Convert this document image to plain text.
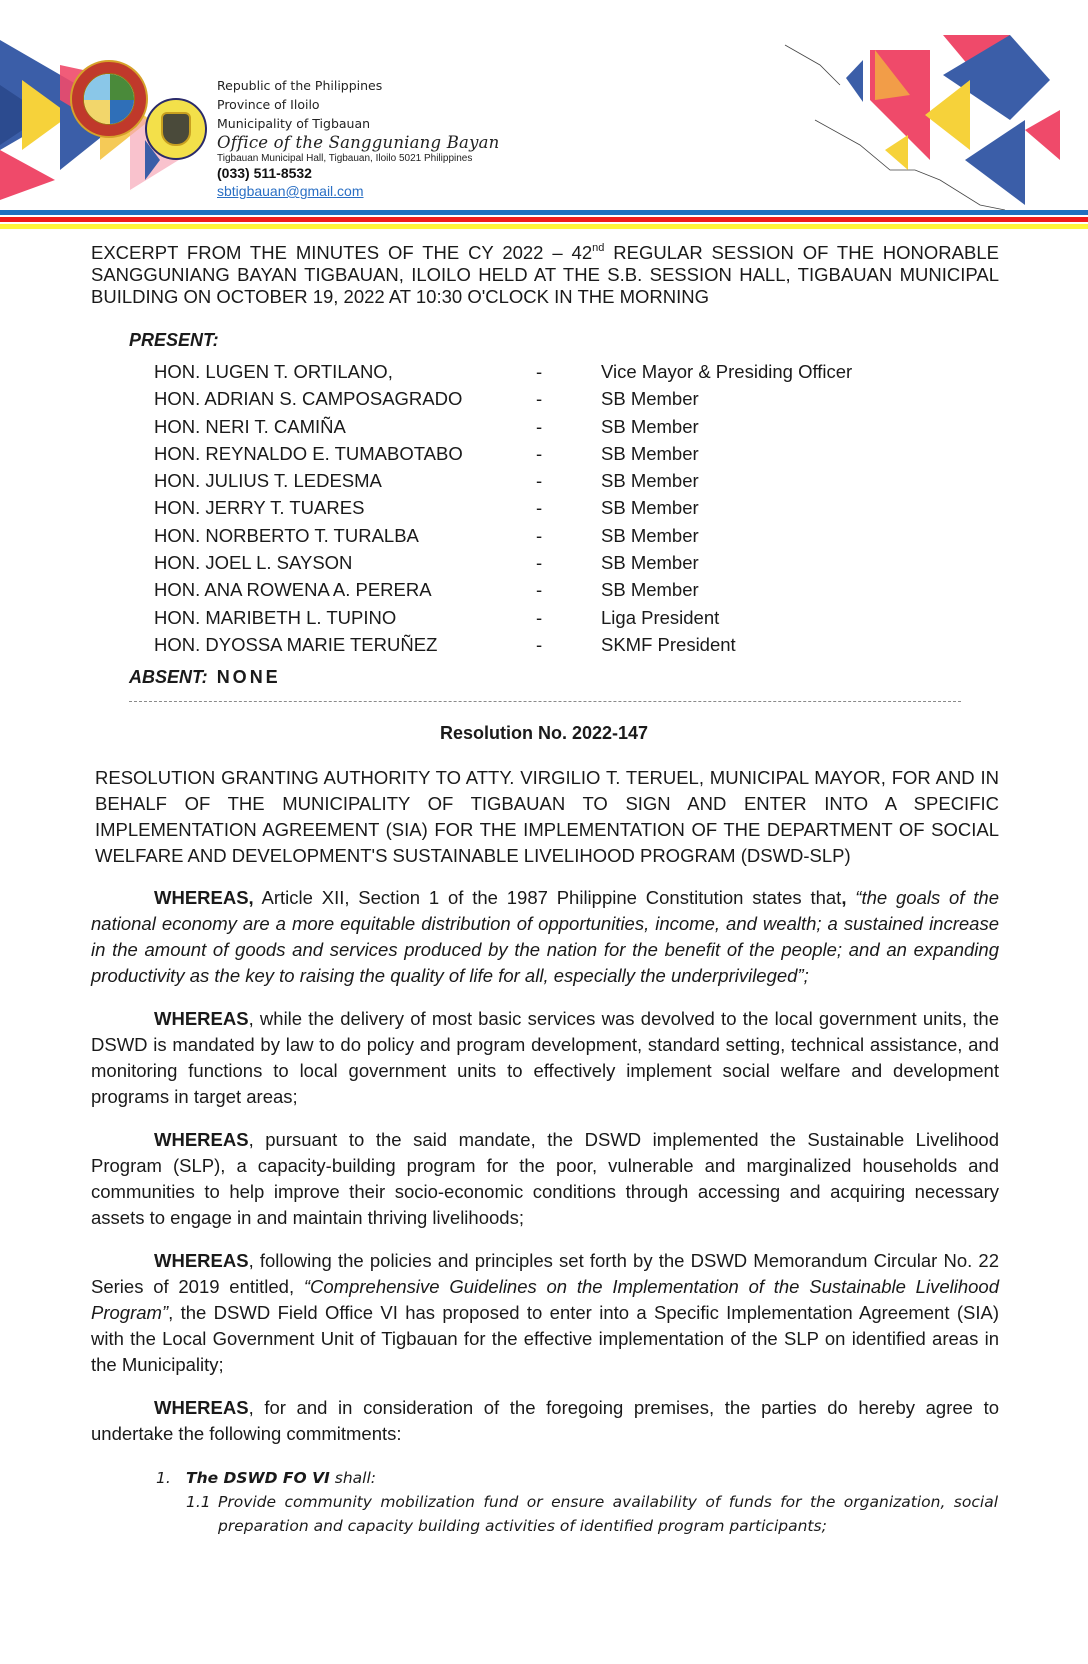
Republic of the Philippines
Province of Iloilo
Municipality of Tigbauan
Office of the Sangguniang Bayan
Tigbauan Municipal Hall, Tigbauan, Iloilo 5021 Philippines
(033) 511-8532
sbtigbauan@gmail.com
EXCERPT FROM THE MINUTES OF THE CY 2022 – 42nd REGULAR SESSION OF THE HONORABLE SANGGUNIANG BAYAN TIGBAUAN, ILOILO HELD AT THE S.B. SESSION HALL, TIGBAUAN MUNICIPAL BUILDING ON OCTOBER 19, 2022 AT 10:30 O'CLOCK IN THE MORNING
PRESENT:
HON. LUGEN T. ORTILANO,	-	Vice Mayor & Presiding Officer
HON. ADRIAN S. CAMPOSAGRADO	-	SB Member
HON. NERI T. CAMIÑA	-	SB Member
HON. REYNALDO E. TUMABOTABO	-	SB Member
HON. JULIUS T. LEDESMA	-	SB Member
HON. JERRY T. TUARES	-	SB Member
HON. NORBERTO T. TURALBA	-	SB Member
HON. JOEL L. SAYSON	-	SB Member
HON. ANA ROWENA A. PERERA	-	SB Member
HON. MARIBETH L. TUPINO	-	Liga President
HON. DYOSSA MARIE TERUÑEZ	-	SKMF President
ABSENT: NONE
Resolution No. 2022-147
RESOLUTION GRANTING AUTHORITY TO ATTY. VIRGILIO T. TERUEL, MUNICIPAL MAYOR, FOR AND IN BEHALF OF THE MUNICIPALITY OF TIGBAUAN TO SIGN AND ENTER INTO A SPECIFIC IMPLEMENTATION AGREEMENT (SIA) FOR THE IMPLEMENTATION OF THE DEPARTMENT OF SOCIAL WELFARE AND DEVELOPMENT'S SUSTAINABLE LIVELIHOOD PROGRAM (DSWD-SLP)
WHEREAS, Article XII, Section 1 of the 1987 Philippine Constitution states that, “the goals of the national economy are a more equitable distribution of opportunities, income, and wealth; a sustained increase in the amount of goods and services produced by the nation for the benefit of the people; and an expanding productivity as the key to raising the quality of life for all, especially the underprivileged”;
WHEREAS, while the delivery of most basic services was devolved to the local government units, the DSWD is mandated by law to do policy and program development, standard setting, technical assistance, and monitoring functions to local government units to effectively implement social welfare and development programs in target areas;
WHEREAS, pursuant to the said mandate, the DSWD implemented the Sustainable Livelihood Program (SLP), a capacity-building program for the poor, vulnerable and marginalized households and communities to help improve their socio-economic conditions through accessing and acquiring necessary assets to engage in and maintain thriving livelihoods;
WHEREAS, following the policies and principles set forth by the DSWD Memorandum Circular No. 22 Series of 2019 entitled, “Comprehensive Guidelines on the Implementation of the Sustainable Livelihood Program”, the DSWD Field Office VI has proposed to enter into a Specific Implementation Agreement (SIA) with the Local Government Unit of Tigbauan for the effective implementation of the SLP on identified areas in the Municipality;
WHEREAS, for and in consideration of the foregoing premises, the parties do hereby agree to undertake the following commitments:
1. The DSWD FO VI shall:
1.1 Provide community mobilization fund or ensure availability of funds for the organization, social preparation and capacity building activities of identified program participants;
